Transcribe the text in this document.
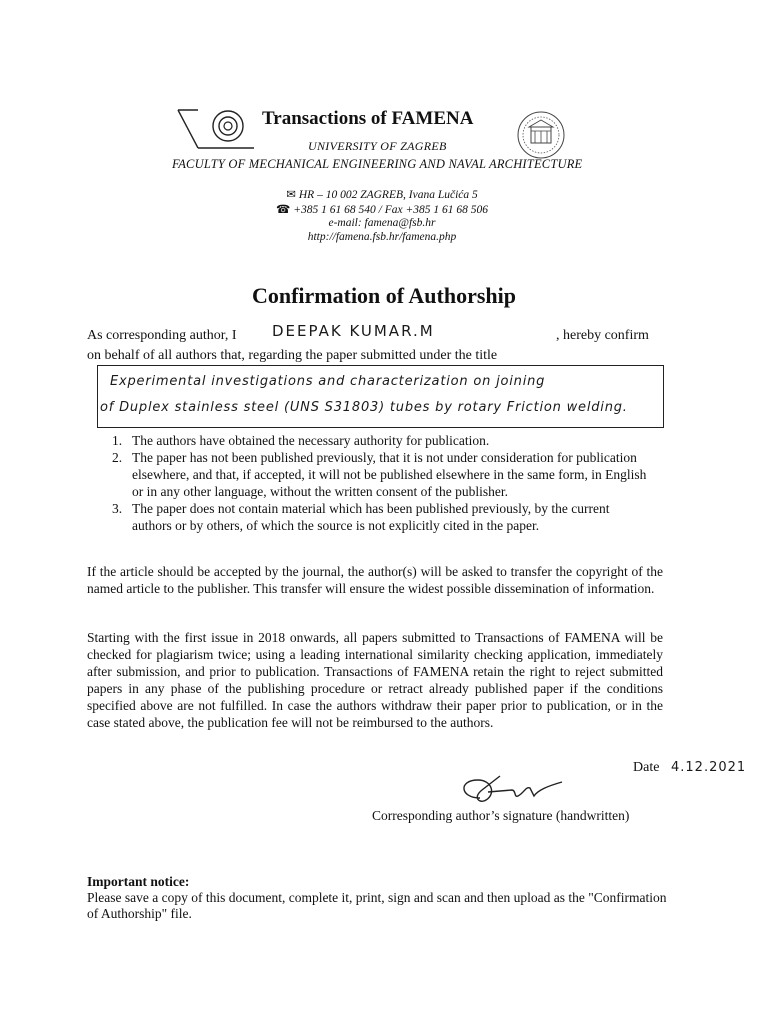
Transactions of FAMENA
UNIVERSITY OF ZAGREB
FACULTY OF MECHANICAL ENGINEERING AND NAVAL ARCHITECTURE
✉ HR – 10 002 ZAGREB, Ivana Lučića 5
☎ +385 1 61 68 540 / Fax +385 1 61 68 506
e-mail: famena@fsb.hr
http://famena.fsb.hr/famena.php
Confirmation of Authorship
As corresponding author, I DEEPAK KUMAR.M	, hereby confirm
on behalf of all authors that, regarding the paper submitted under the title
Experimental investigations and characterization on joining
of Duplex stainless steel (UNS S31803) tubes by rotary Friction welding.
1. The authors have obtained the necessary authority for publication.
2. The paper has not been published previously, that it is not under consideration for publication elsewhere, and that, if accepted, it will not be published elsewhere in the same form, in English or in any other language, without the written consent of the publisher.
3. The paper does not contain material which has been published previously, by the current authors or by others, of which the source is not explicitly cited in the paper.
If the article should be accepted by the journal, the author(s) will be asked to transfer the copyright of the named article to the publisher. This transfer will ensure the widest possible dissemination of information.
Starting with the first issue in 2018 onwards, all papers submitted to Transactions of FAMENA will be checked for plagiarism twice; using a leading international similarity checking application, immediately after submission, and prior to publication. Transactions of FAMENA retain the right to reject submitted papers in any phase of the publishing procedure or retract already published paper if the conditions specified above are not fulfilled. In case the authors withdraw their paper prior to publication, or in the case stated above, the publication fee will not be reimbursed to the authors.
Date 4.12.2021
Corresponding author’s signature (handwritten)
Important notice:
Please save a copy of this document, complete it, print, sign and scan and then upload as the "Confirmation of Authorship" file.
